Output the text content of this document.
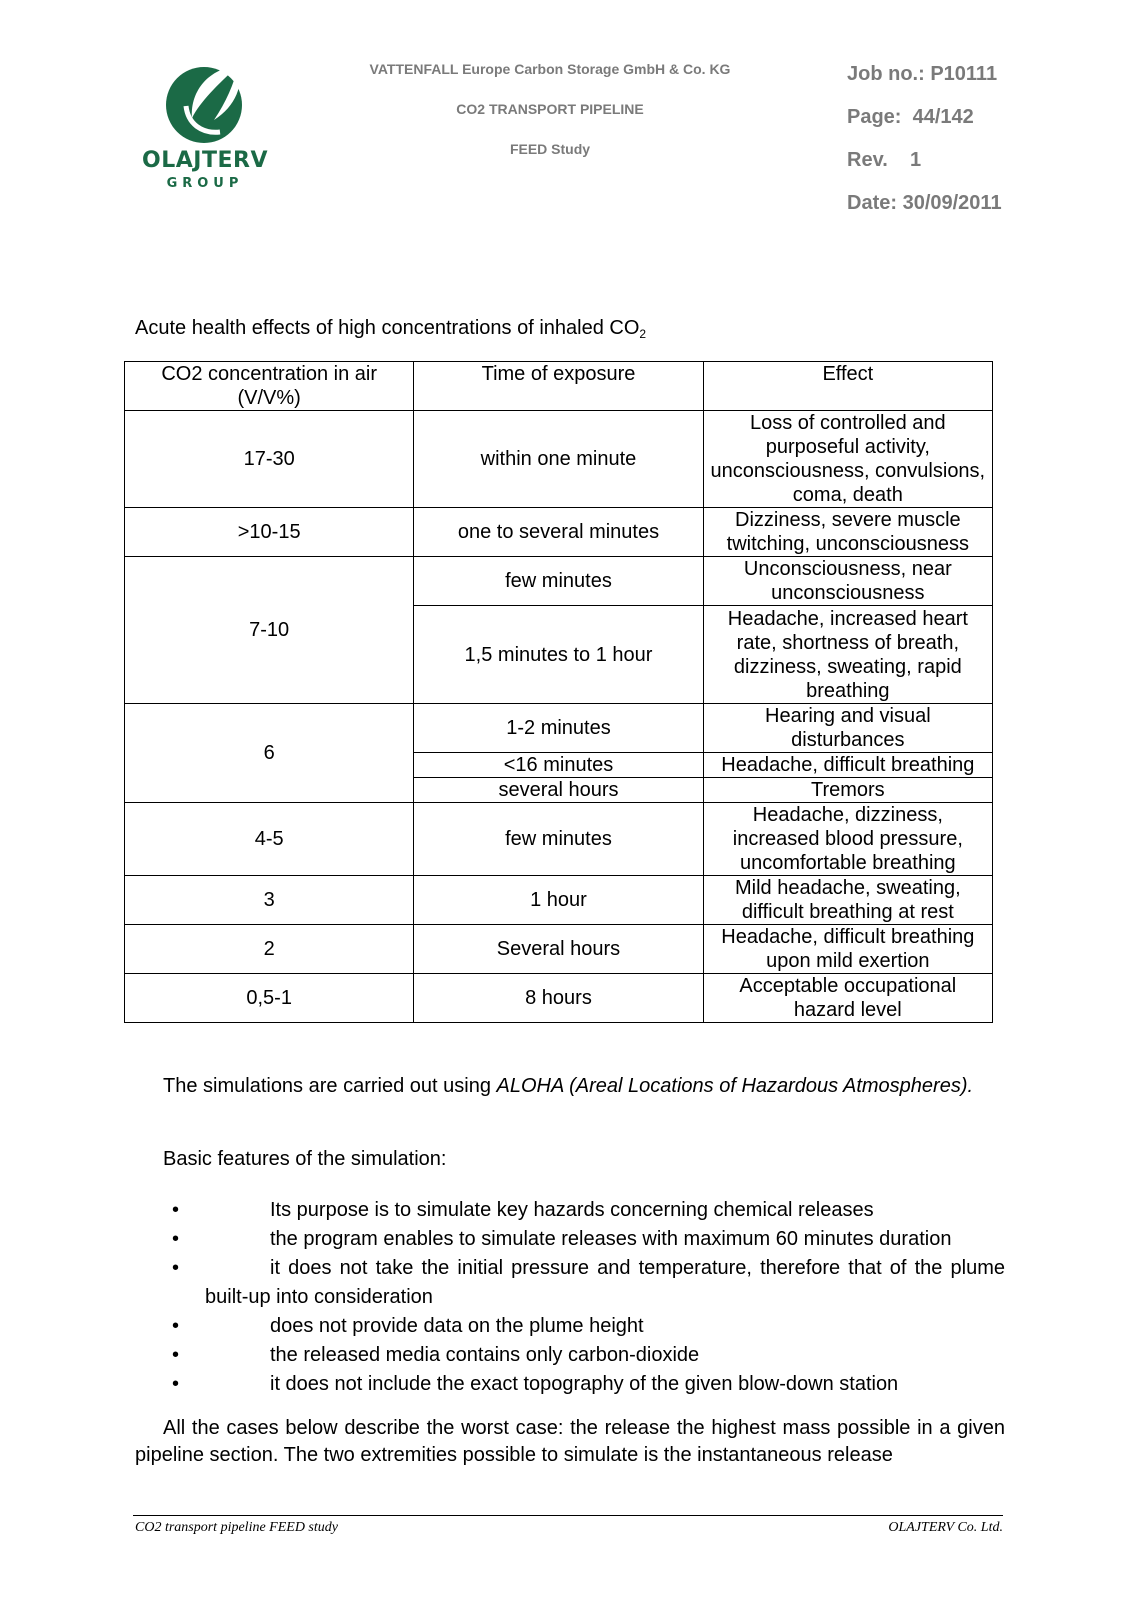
OLAJTERV
GROUP
VATTENFALL Europe Carbon Storage GmbH & Co. KG
CO2 TRANSPORT PIPELINE
FEED Study
Job no.: P10111
Page:  44/142
Rev.    1
Date: 30/09/2011
Acute health effects of high concentrations of inhaled $CO_2$
CO2 concentration in air (V/V%)	Time of exposure	Effect
17-30	within one minute	Loss of controlled and purposeful activity, unconsciousness, convulsions, coma, death
>10-15	one to several minutes	Dizziness, severe muscle twitching, unconsciousness
7-10	few minutes	Unconsciousness, near unconsciousness
	1,5 minutes to 1 hour	Headache, increased heart rate, shortness of breath, dizziness, sweating, rapid breathing
6	1-2 minutes	Hearing and visual disturbances
	<16 minutes	Headache, difficult breathing
	several hours	Tremors
4-5	few minutes	Headache, dizziness, increased blood pressure, uncomfortable breathing
3	1 hour	Mild headache, sweating, difficult breathing at rest
2	Several hours	Headache, difficult breathing upon mild exertion
0,5-1	8 hours	Acceptable occupational hazard level
The simulations are carried out using ALOHA (Areal Locations of Hazardous Atmospheres).
Basic features of the simulation:
•	Its purpose is to simulate key hazards concerning chemical releases
•	the program enables to simulate releases with maximum 60 minutes duration
•	it does not take the initial pressure and temperature, therefore that of the plume built-up into consideration
•	does not provide data on the plume height
•	the released media contains only carbon-dioxide
•	it does not include the exact topography of the given blow-down station
All the cases below describe the worst case: the release the highest mass possible in a given pipeline section. The two extremities possible to simulate is the instantaneous release
CO2 transport pipeline FEED study	OLAJTERV Co. Ltd.
